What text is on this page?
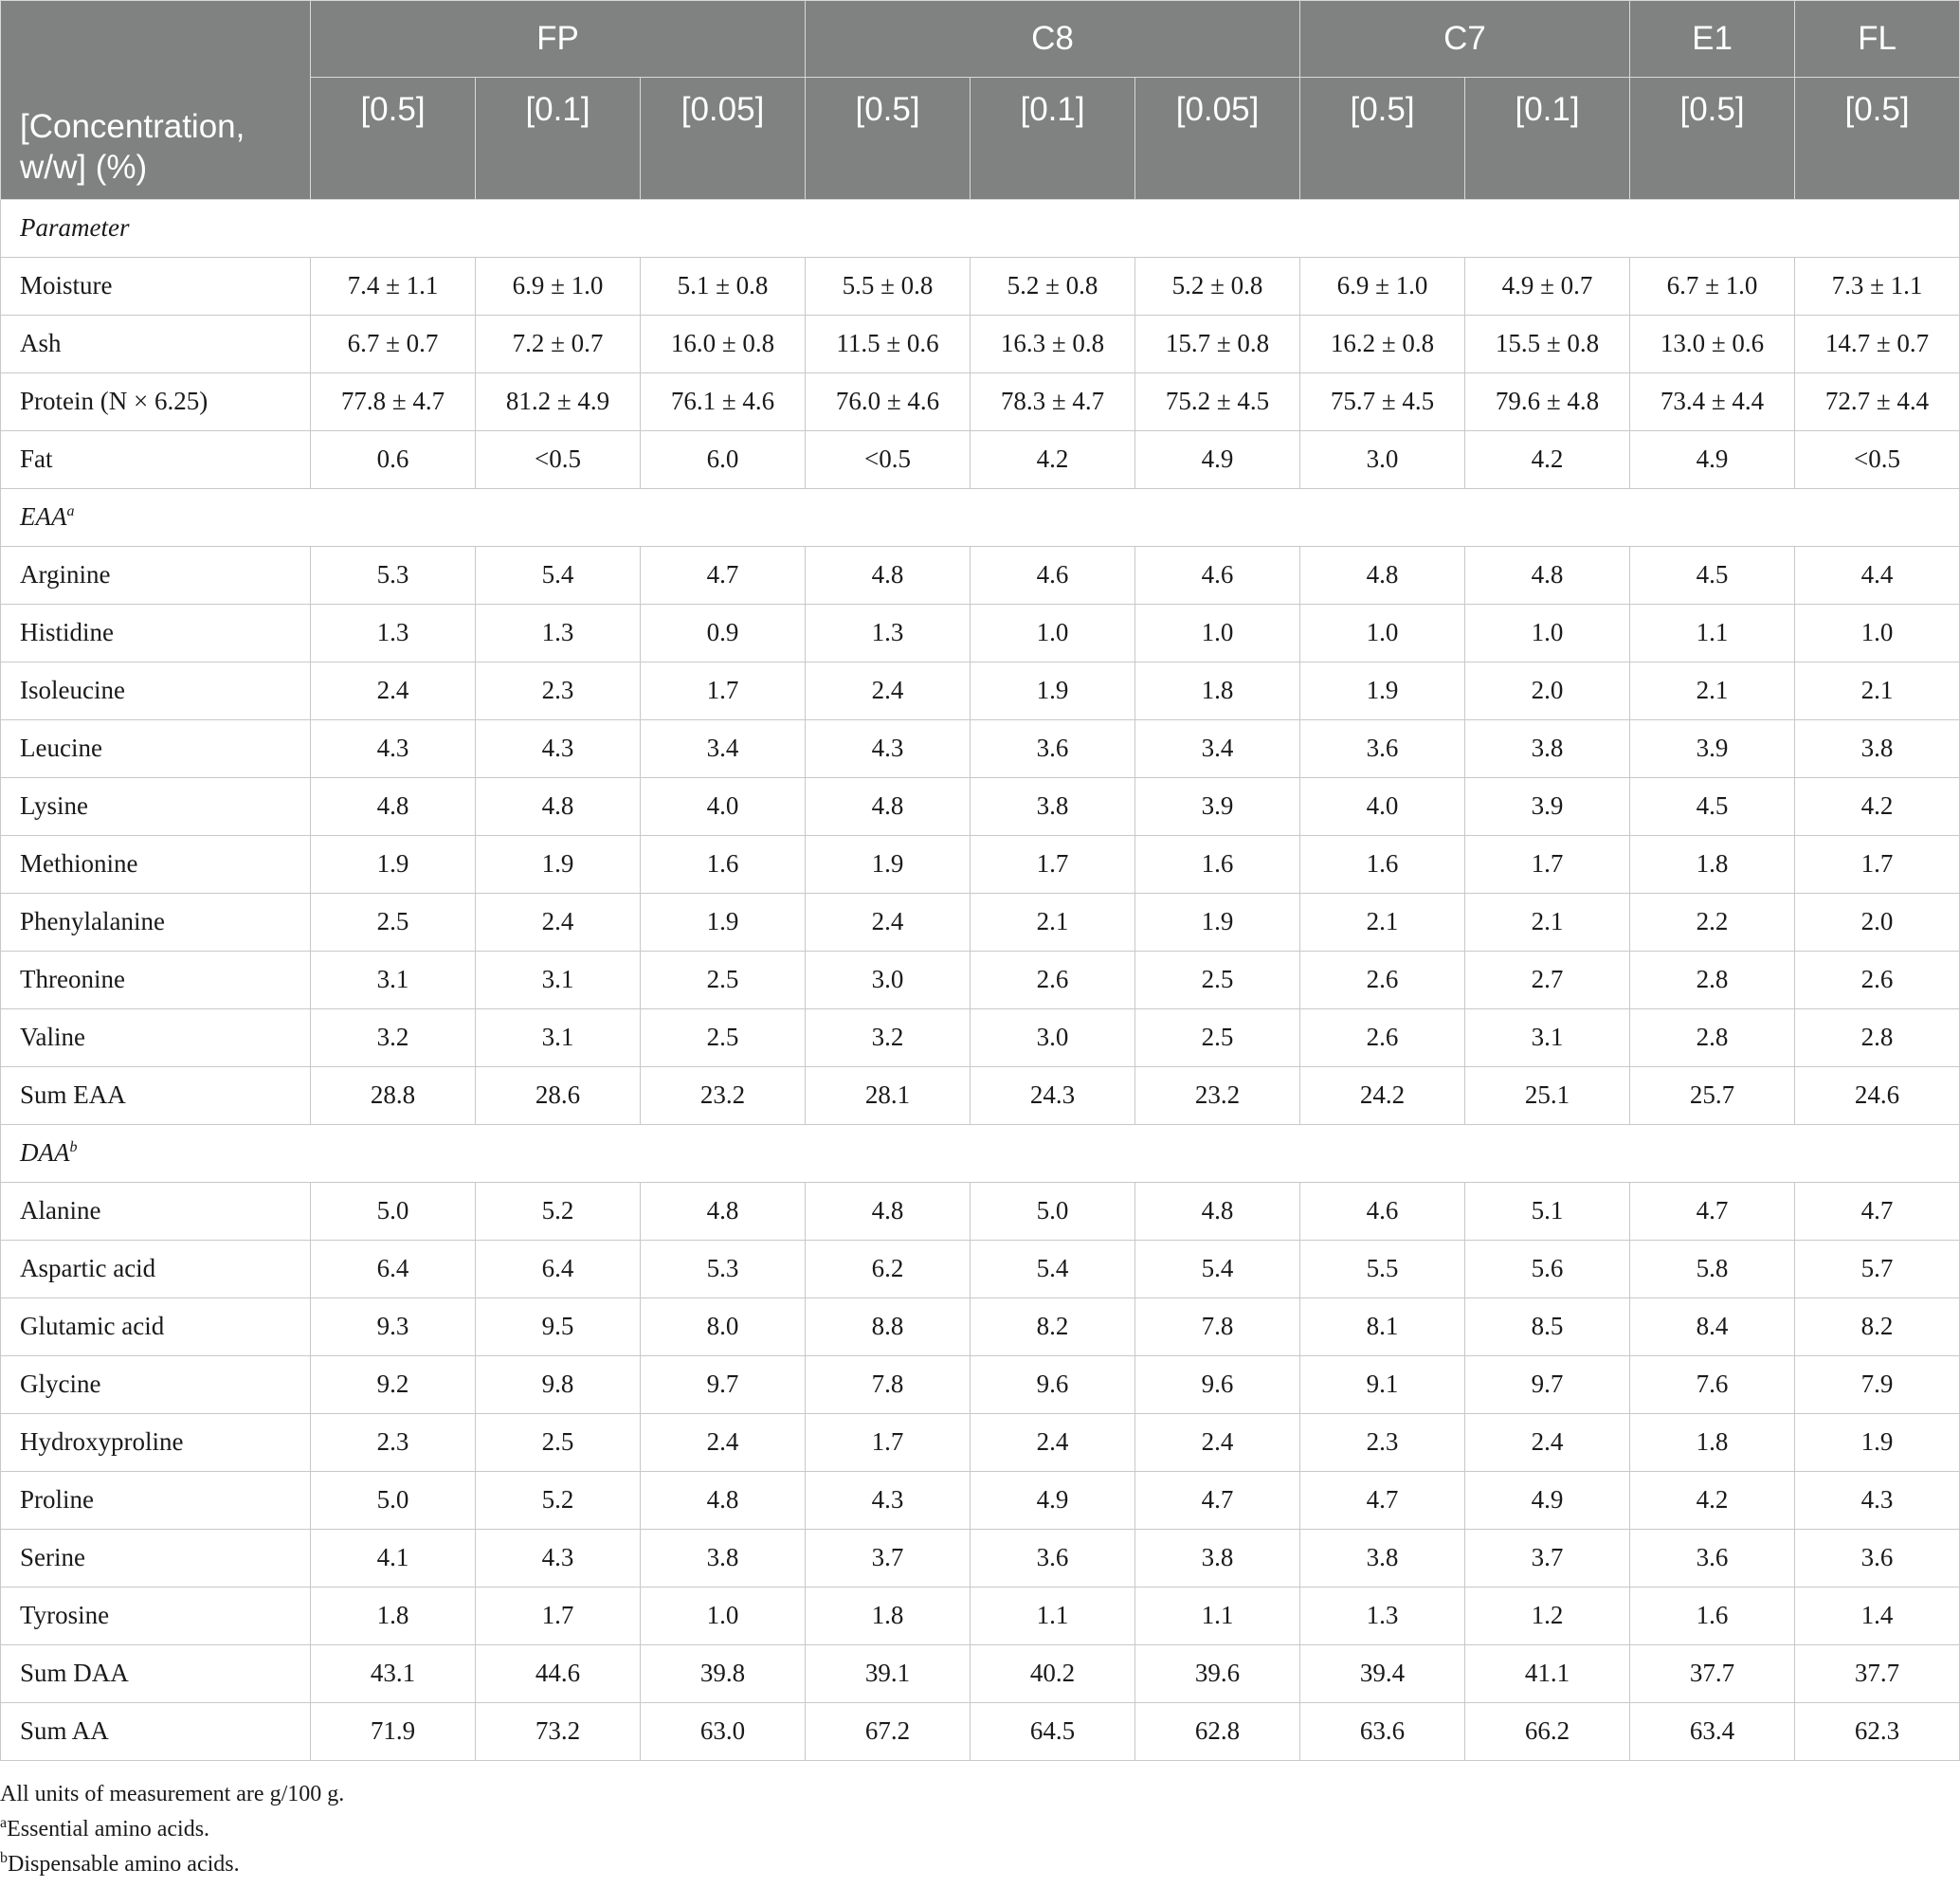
	FP			C8			C7		E1	FL
[Concentration, w/w] (%)	[0.5]	[0.1]	[0.05]	[0.5]	[0.1]	[0.05]	[0.5]	[0.1]	[0.5]	[0.5]
Parameter										
Moisture	7.4 ± 1.1	6.9 ± 1.0	5.1 ± 0.8	5.5 ± 0.8	5.2 ± 0.8	5.2 ± 0.8	6.9 ± 1.0	4.9 ± 0.7	6.7 ± 1.0	7.3 ± 1.1
Ash	6.7 ± 0.7	7.2 ± 0.7	16.0 ± 0.8	11.5 ± 0.6	16.3 ± 0.8	15.7 ± 0.8	16.2 ± 0.8	15.5 ± 0.8	13.0 ± 0.6	14.7 ± 0.7
Protein (N × 6.25)	77.8 ± 4.7	81.2 ± 4.9	76.1 ± 4.6	76.0 ± 4.6	78.3 ± 4.7	75.2 ± 4.5	75.7 ± 4.5	79.6 ± 4.8	73.4 ± 4.4	72.7 ± 4.4
Fat	0.6	<0.5	6.0	<0.5	4.2	4.9	3.0	4.2	4.9	<0.5
EAA$^a$
Arginine	5.3	5.4	4.7	4.8	4.6	4.6	4.8	4.8	4.5	4.4
Histidine	1.3	1.3	0.9	1.3	1.0	1.0	1.0	1.0	1.1	1.0
Isoleucine	2.4	2.3	1.7	2.4	1.9	1.8	1.9	2.0	2.1	2.1
Leucine	4.3	4.3	3.4	4.3	3.6	3.4	3.6	3.8	3.9	3.8
Lysine	4.8	4.8	4.0	4.8	3.8	3.9	4.0	3.9	4.5	4.2
Methionine	1.9	1.9	1.6	1.9	1.7	1.6	1.6	1.7	1.8	1.7
Phenylalanine	2.5	2.4	1.9	2.4	2.1	1.9	2.1	2.1	2.2	2.0
Threonine	3.1	3.1	2.5	3.0	2.6	2.5	2.6	2.7	2.8	2.6
Valine	3.2	3.1	2.5	3.2	3.0	2.5	2.6	3.1	2.8	2.8
Sum EAA	28.8	28.6	23.2	28.1	24.3	23.2	24.2	25.1	25.7	24.6
DAA$^b$
Alanine	5.0	5.2	4.8	4.8	5.0	4.8	4.6	5.1	4.7	4.7
Aspartic acid	6.4	6.4	5.3	6.2	5.4	5.4	5.5	5.6	5.8	5.7
Glutamic acid	9.3	9.5	8.0	8.8	8.2	7.8	8.1	8.5	8.4	8.2
Glycine	9.2	9.8	9.7	7.8	9.6	9.6	9.1	9.7	7.6	7.9
Hydroxyproline	2.3	2.5	2.4	1.7	2.4	2.4	2.3	2.4	1.8	1.9
Proline	5.0	5.2	4.8	4.3	4.9	4.7	4.7	4.9	4.2	4.3
Serine	4.1	4.3	3.8	3.7	3.6	3.8	3.8	3.7	3.6	3.6
Tyrosine	1.8	1.7	1.0	1.8	1.1	1.1	1.3	1.2	1.6	1.4
Sum DAA	43.1	44.6	39.8	39.1	40.2	39.6	39.4	41.1	37.7	37.7
Sum AA	71.9	73.2	63.0	67.2	64.5	62.8	63.6	66.2	63.4	62.3

All units of measurement are g/100 g.

$^a$Essential amino acids.

$^b$Dispensable amino acids.
